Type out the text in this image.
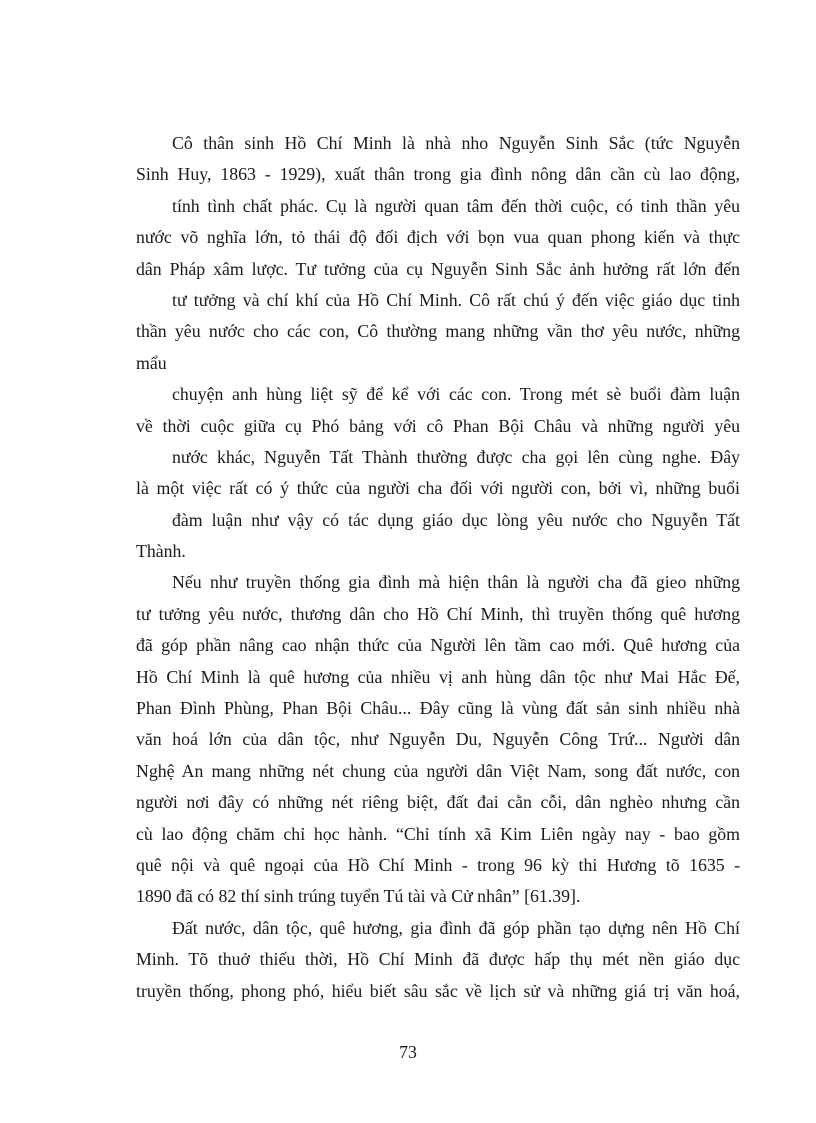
Cô thân sinh Hồ Chí Minh là nhà nho Nguyễn Sinh Sắc (tức Nguyễn
Sinh Huy, 1863 - 1929), xuất thân trong gia đình nông dân cần cù lao động,
tính tình chất phác. Cụ là người quan tâm đến thời cuộc, có tinh thần yêu
nước võ nghĩa lớn, tỏ thái độ đối địch với bọn vua quan phong kiến và thực
dân Pháp xâm lược. Tư tưởng của cụ Nguyễn Sinh Sắc ảnh hưởng rất lớn đến
tư tưởng và chí khí của Hồ Chí Minh. Cô rất chú ý đến việc giáo dục tinh
thần yêu nước cho các con, Cô thường mang những vần thơ yêu nước, những
mẩu
chuyện anh hùng liệt sỹ để kể với các con. Trong mét sè buổi đàm luận
về thời cuộc giữa cụ Phó bảng với cô Phan Bội Châu và những người yêu
nước khác, Nguyễn Tất Thành thường được cha gọi lên cùng nghe. Đây
là một việc rất có ý thức của người cha đối với người con, bởi vì, những buổi
đàm luận như vậy có tác dụng giáo dục lòng yêu nước cho Nguyễn Tất
Thành.
Nếu như truyền thống gia đình mà hiện thân là người cha đã gieo những
tư tưởng yêu nước, thương dân cho Hồ Chí Minh, thì truyền thống quê hương
đã góp phần nâng cao nhận thức của Người lên tầm cao mới. Quê hương của
Hồ Chí Minh là quê hương của nhiều vị anh hùng dân tộc như Mai Hắc Đế,
Phan Đình Phùng, Phan Bội Châu... Đây cũng là vùng đất sản sinh nhiều nhà
văn hoá lớn của dân tộc, như Nguyễn Du, Nguyễn Công Trứ... Người dân
Nghệ An mang những nét chung của người dân Việt Nam, song đất nước, con
người nơi đây có những nét riêng biệt, đất đai cằn cỗi, dân nghèo nhưng cần
cù lao động chăm chỉ học hành. “Chỉ tính xã Kim Liên ngày nay - bao gồm
quê nội và quê ngoại của Hồ Chí Minh - trong 96 kỳ thi Hương tõ 1635 -
1890 đã có 82 thí sinh trúng tuyển Tú tài và Cử nhân” [61.39].
Đất nước, dân tộc, quê hương, gia đình đã góp phần tạo dựng nên Hồ Chí
Minh. Tõ thuở thiếu thời, Hồ Chí Minh đã được hấp thụ mét nền giáo dục
truyền thống, phong phó, hiểu biết sâu sắc về lịch sử và những giá trị văn hoá,
73
